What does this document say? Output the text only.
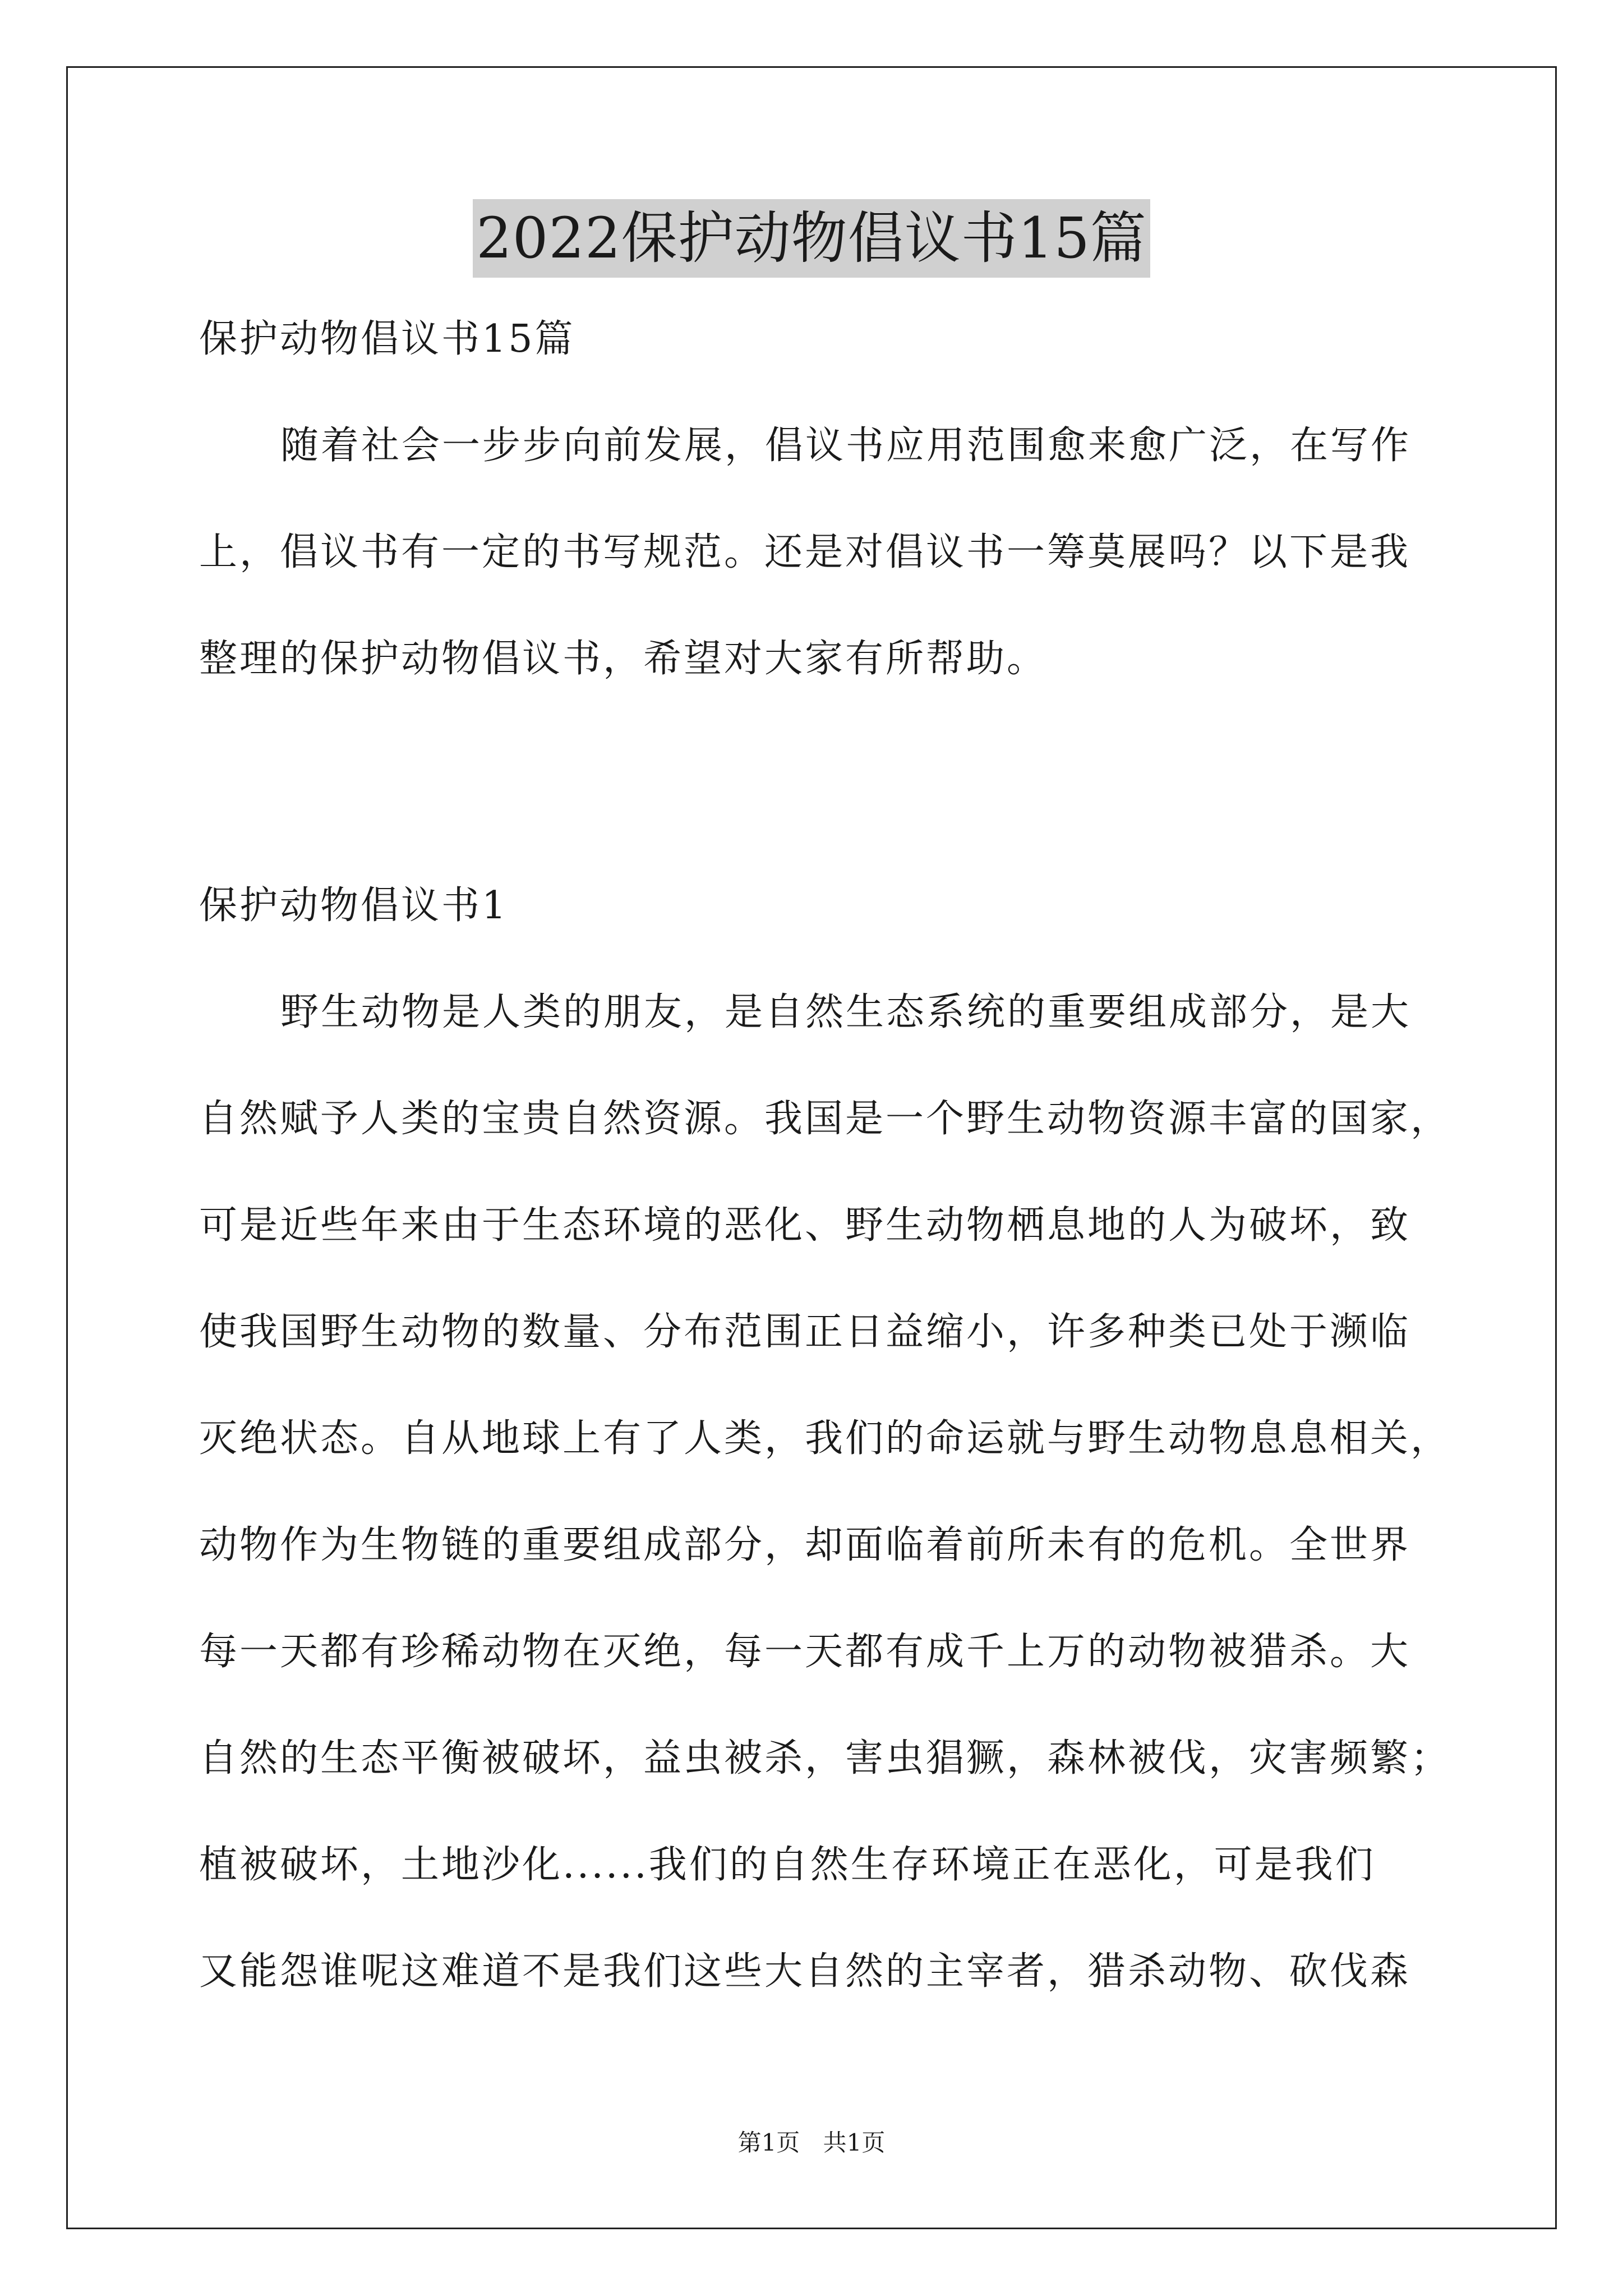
2022保护动物倡议书15篇
保护动物倡议书15篇
随着社会一步步向前发展，倡议书应用范围愈来愈广泛，在写作
上，倡议书有一定的书写规范。还是对倡议书一筹莫展吗？以下是我
整理的保护动物倡议书，希望对大家有所帮助。
保护动物倡议书1
野生动物是人类的朋友，是自然生态系统的重要组成部分，是大
自然赋予人类的宝贵自然资源。我国是一个野生动物资源丰富的国家，
可是近些年来由于生态环境的恶化、野生动物栖息地的人为破坏，致
使我国野生动物的数量、分布范围正日益缩小，许多种类已处于濒临
灭绝状态。自从地球上有了人类，我们的命运就与野生动物息息相关，
动物作为生物链的重要组成部分，却面临着前所未有的危机。全世界
每一天都有珍稀动物在灭绝，每一天都有成千上万的动物被猎杀。大
自然的生态平衡被破坏，益虫被杀，害虫猖獗，森林被伐，灾害频繁；
植被破坏，土地沙化......我们的自然生存环境正在恶化，可是我们
又能怨谁呢这难道不是我们这些大自然的主宰者，猎杀动物、砍伐森
第1页 共1页
